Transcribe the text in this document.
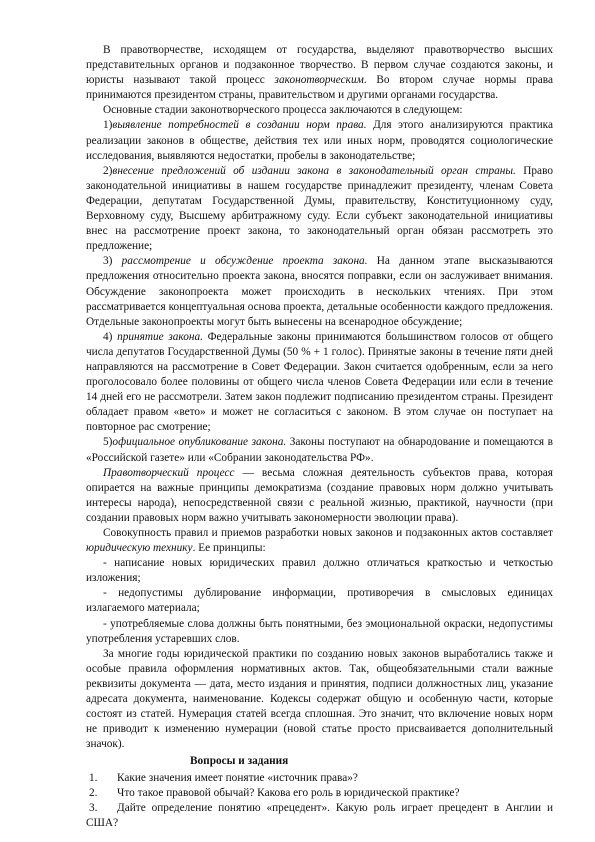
В правотворчестве, исходящем от государства, выделяют правотворчество высших представительных органов и подзаконное творчество. В первом случае создаются законы, и юристы называют такой процесс законотворческим. Во втором случае нормы права принимаются президентом страны, правительством и другими органами государства.

Основные стадии законотворческого процесса заключаются в следующем:

1)выявление потребностей в создании норм права. Для этого анализируются практика реализации законов в обществе, действия тех или иных норм, проводятся социологические исследования, выявляются недостатки, пробелы в законодательстве;

2)внесение предложений об издании закона в законодательный орган страны. Право законодательной инициативы в нашем государстве принадлежит президенту, членам Совета Федерации, депутатам Государственной Думы, правительству, Конституционному суду, Верховному суду, Высшему арбитражному суду. Если субъект законодательной инициативы внес на рассмотрение проект закона, то законодательный орган обязан рассмотреть это предложение;

3) рассмотрение и обсуждение проекта закона. На данном этапе высказываются предложения относительно проекта закона, вносятся поправки, если он заслуживает внимания. Обсуждение законопроекта может происходить в нескольких чтениях. При этом рассматривается концептуальная основа проекта, детальные особенности каждого предложения. Отдельные законопроекты могут быть вынесены на всенародное обсуждение;

4) принятие закона. Федеральные законы принимаются большинством голосов от общего числа депутатов Государственной Думы (50 % + 1 голос). Принятые законы в течение пяти дней направляются на рассмотрение в Совет Федерации. Закон считается одобренным, если за него проголосовало более половины от общего числа членов Совета Федерации или если в течение 14 дней его не рассмотрели. Затем закон подлежит подписанию президентом страны. Президент обладает правом «вето» и может не согласиться с законом. В этом случае он поступает на повторное рас смотрение;

5)официальное опубликование закона. Законы поступают на обнародование и помещаются в «Российской газете» или «Собрании законодательства РФ».

Правотворческий процесс — весьма сложная деятельность субъектов права, которая опирается на важные принципы демократизма (создание правовых норм должно учитывать интересы народа), непосредственной связи с реальной жизнью, практикой, научности (при создании правовых норм важно учитывать закономерности эволюции права).

Совокупность правил и приемов разработки новых законов и подзаконных актов составляет юридическую технику. Ее принципы:

- написание новых юридических правил должно отличаться краткостью и четкостью изложения;

- недопустимы дублирование информации, противоречия в смысловых единицах излагаемого материала;

- употребляемые слова должны быть понятными, без эмоциональной окраски, недопустимы употребления устаревших слов.

За многие годы юридической практики по созданию новых законов выработались также и особые правила оформления нормативных актов. Так, общеобязательными стали важные реквизиты документа — дата, место издания и принятия, подписи должностных лиц, указание адресата документа, наименование. Кодексы содержат общую и особенную части, которые состоят из статей. Нумерация статей всегда сплошная. Это значит, что включение новых норм не приводит к изменению нумерации (новой статье просто присваивается дополнительный значок).

Вопросы и задания
1. Какие значения имеет понятие «источник права»?
2. Что такое правовой обычай? Какова его роль в юридической практике?
3. Дайте определение понятию «прецедент». Какую роль играет прецедент в Англии и США?
